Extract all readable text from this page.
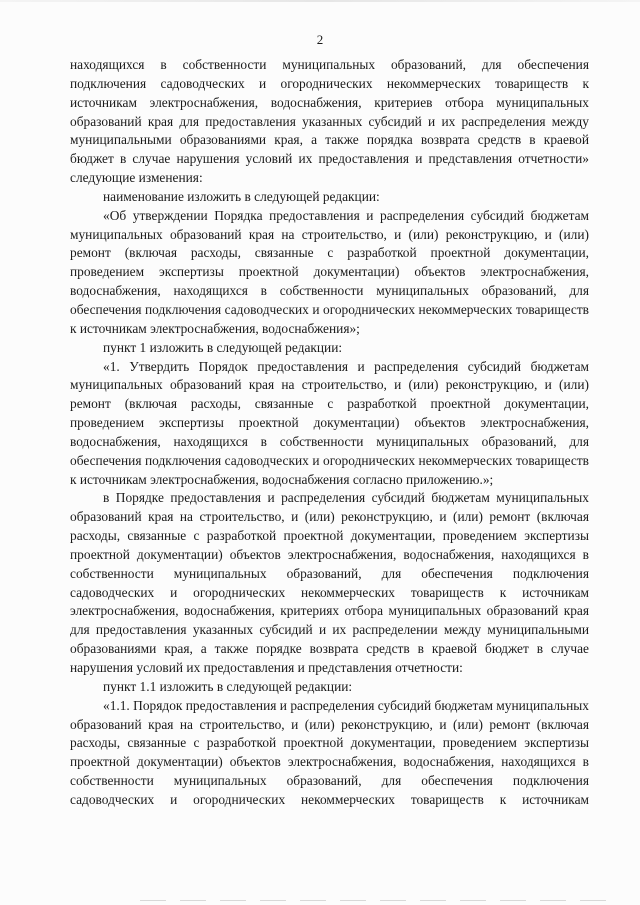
2

находящихся в собственности муниципальных образований, для обеспечения подключения садоводческих и огороднических некоммерческих товариществ к источникам электроснабжения, водоснабжения, критериев отбора муниципальных образований края для предоставления указанных субсидий и их распределения между муниципальными образованиями края, а также порядка возврата средств в краевой бюджет в случае нарушения условий их предоставления и представления отчетности» следующие изменения:

наименование изложить в следующей редакции:

«Об утверждении Порядка предоставления и распределения субсидий бюджетам муниципальных образований края на строительство, и (или) реконструкцию, и (или) ремонт (включая расходы, связанные с разработкой проектной документации, проведением экспертизы проектной документации) объектов электроснабжения, водоснабжения, находящихся в собственности муниципальных образований, для обеспечения подключения садоводческих и огороднических некоммерческих товариществ к источникам электроснабжения, водоснабжения»;

пункт 1 изложить в следующей редакции:

«1. Утвердить Порядок предоставления и распределения субсидий бюджетам муниципальных образований края на строительство, и (или) реконструкцию, и (или) ремонт (включая расходы, связанные с разработкой проектной документации, проведением экспертизы проектной документации) объектов электроснабжения, водоснабжения, находящихся в собственности муниципальных образований, для обеспечения подключения садоводческих и огороднических некоммерческих товариществ к источникам электроснабжения, водоснабжения согласно приложению.»;

в Порядке предоставления и распределения субсидий бюджетам муниципальных образований края на строительство, и (или) реконструкцию, и (или) ремонт (включая расходы, связанные с разработкой проектной документации, проведением экспертизы проектной документации) объектов электроснабжения, водоснабжения, находящихся в собственности муниципальных образований, для обеспечения подключения садоводческих и огороднических некоммерческих товариществ к источникам электроснабжения, водоснабжения, критериях отбора муниципальных образований края для предоставления указанных субсидий и их распределении между муниципальными образованиями края, а также порядке возврата средств в краевой бюджет в случае нарушения условий их предоставления и представления отчетности:

пункт 1.1 изложить в следующей редакции:

«1.1. Порядок предоставления и распределения субсидий бюджетам муниципальных образований края на строительство, и (или) реконструкцию, и (или) ремонт (включая расходы, связанные с разработкой проектной документации, проведением экспертизы проектной документации) объектов электроснабжения, водоснабжения, находящихся в собственности муниципальных образований, для обеспечения подключения садоводческих и огороднических некоммерческих товариществ к источникам
